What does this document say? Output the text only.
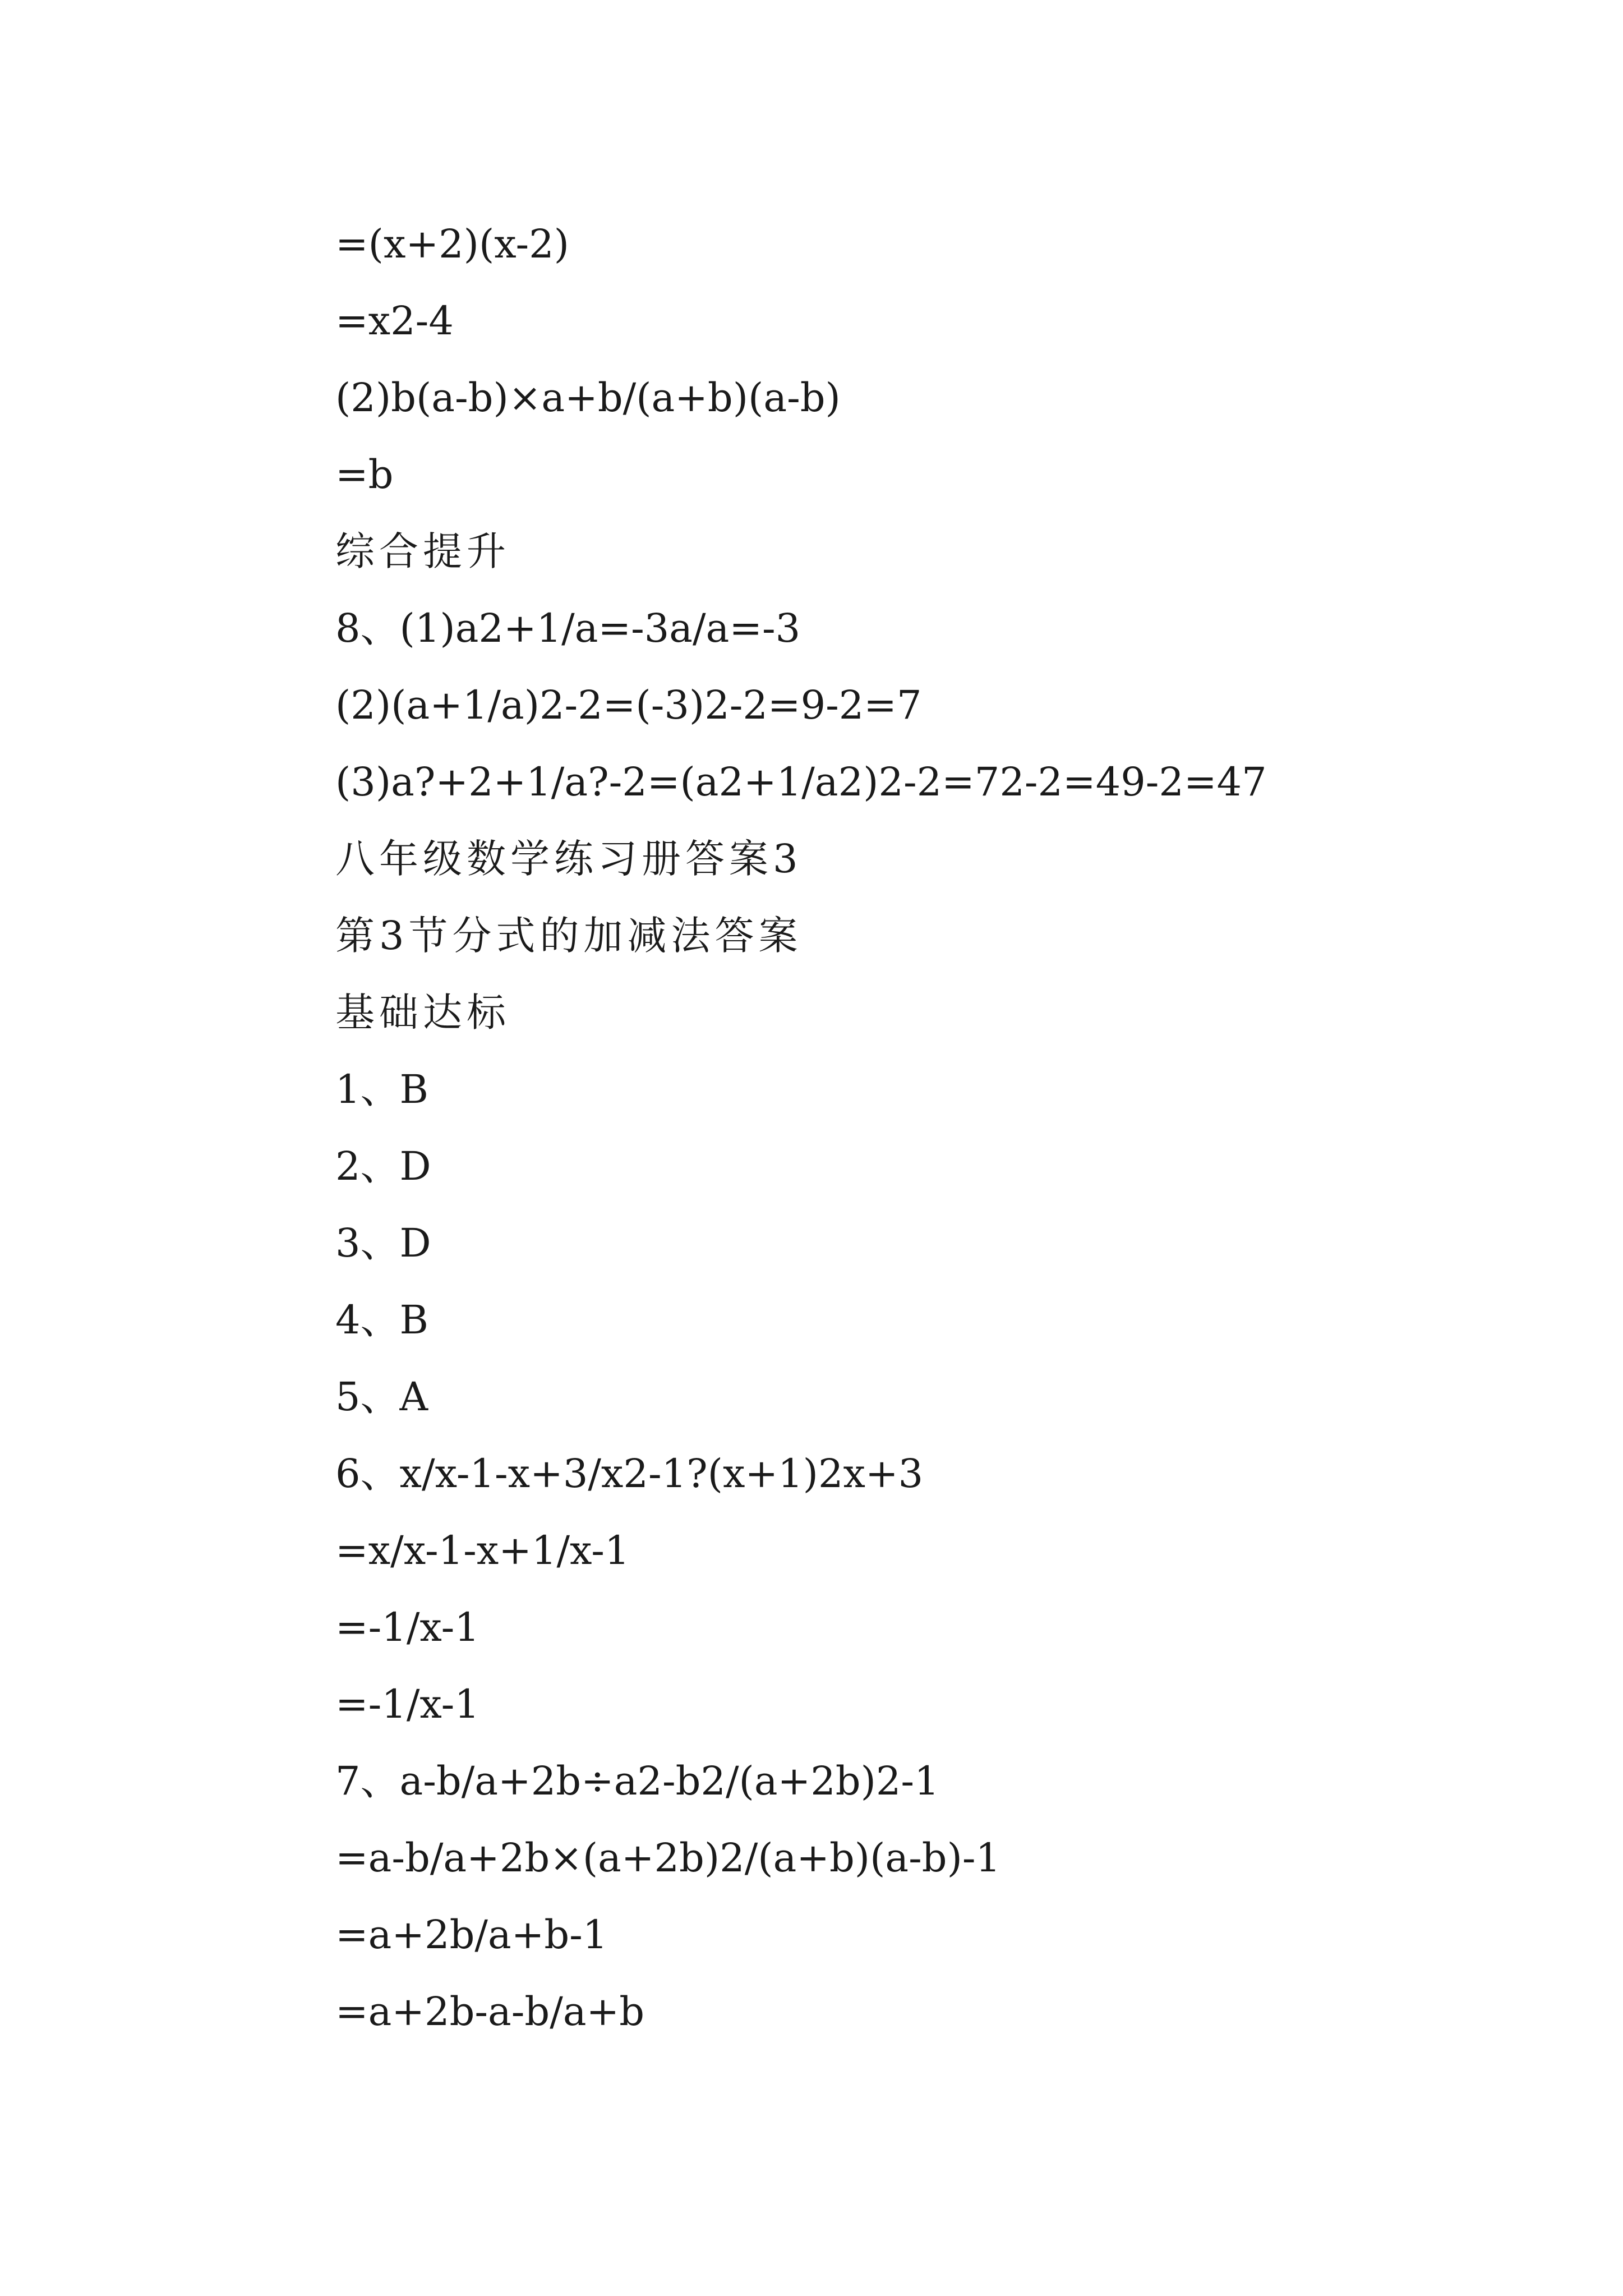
=(x+2)(x-2)
=x2-4
(2)b(a-b)×a+b/(a+b)(a-b)
=b
综合提升
8、(1)a2+1/a=-3a/a=-3
(2)(a+1/a)2-2=(-3)2-2=9-2=7
(3)a?+2+1/a?-2=(a2+1/a2)2-2=72-2=49-2=47
八年级数学练习册答案3
第3节分式的加减法答案
基础达标
1、B
2、D
3、D
4、B
5、A
6、x/x-1-x+3/x2-1?(x+1)2x+3
=x/x-1-x+1/x-1
=-1/x-1
=-1/x-1
7、a-b/a+2b÷a2-b2/(a+2b)2-1
=a-b/a+2b×(a+2b)2/(a+b)(a-b)-1
=a+2b/a+b-1
=a+2b-a-b/a+b
